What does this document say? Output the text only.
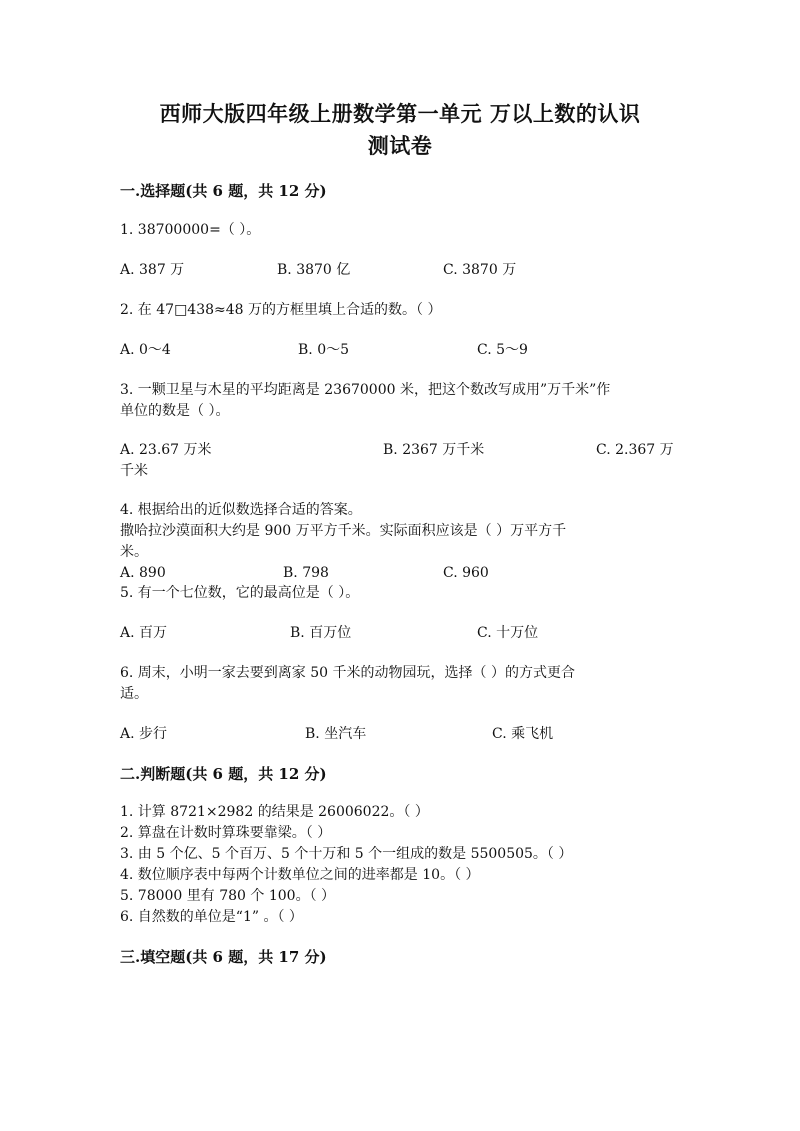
西师大版四年级上册数学第一单元 万以上数的认识
测试卷
一.选择题(共 6 题，共 12 分)
1. 38700000=（ ）。
A. 387 万	B. 3870 亿	C. 3870 万
2. 在 47□438≈48 万的方框里填上合适的数。（ ）
A. 0～4	B. 0～5	C. 5～9
3. 一颗卫星与木星的平均距离是 23670000 米，把这个数改写成用”万千米”作
单位的数是（ ）。
A. 23.67 万米	B. 2367 万千米	C. 2.367 万
千米
4. 根据给出的近似数选择合适的答案。
撒哈拉沙漠面积大约是 900 万平方千米。实际面积应该是（ ）万平方千
米。
A. 890	B. 798	C. 960
5. 有一个七位数，它的最高位是（ ）。
A. 百万	B. 百万位	C. 十万位
6. 周末，小明一家去要到离家 50 千米的动物园玩，选择（ ）的方式更合
适。
A. 步行	B. 坐汽车	C. 乘飞机
二.判断题(共 6 题，共 12 分)
1. 计算 8721×2982 的结果是 26006022。（ ）
2. 算盘在计数时算珠要靠梁。（ ）
3. 由 5 个亿、5 个百万、5 个十万和 5 个一组成的数是 5500505。（ ）
4. 数位顺序表中每两个计数单位之间的进率都是 10。（ ）
5. 78000 里有 780 个 100。（ ）
6. 自然数的单位是“1” 。（ ）
三.填空题(共 6 题，共 17 分)
